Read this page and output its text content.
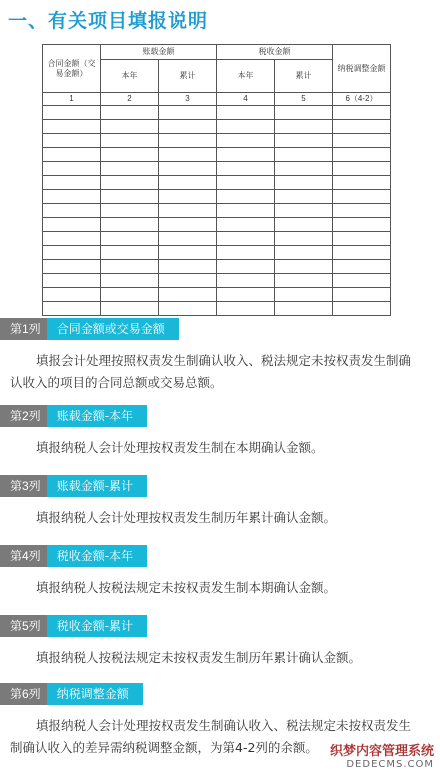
一、有关项目填报说明
合同金额（交易金额）	账载金额		税收金额		纳税调整金额
	本年	累计	本年	累计	
1	2	3	4	5	6（4-2）

第1列	合同金额或交易金额
填报会计处理按照权责发生制确认收入、税法规定未按权责发生制确
认收入的项目的合同总额或交易总额。
第2列	账载金额-本年
填报纳税人会计处理按权责发生制在本期确认金额。
第3列	账载金额-累计
填报纳税人会计处理按权责发生制历年累计确认金额。
第4列	税收金额-本年
填报纳税人按税法规定未按权责发生制本期确认金额。
第5列	税收金额-累计
填报纳税人按税法规定未按权责发生制历年累计确认金额。
第6列	纳税调整金额
填报纳税人会计处理按权责发生制确认收入、税法规定未按权责发生
制确认收入的差异需纳税调整金额，为第4-2列的余额。 织梦内容管理系统
DEDECMS.COM
